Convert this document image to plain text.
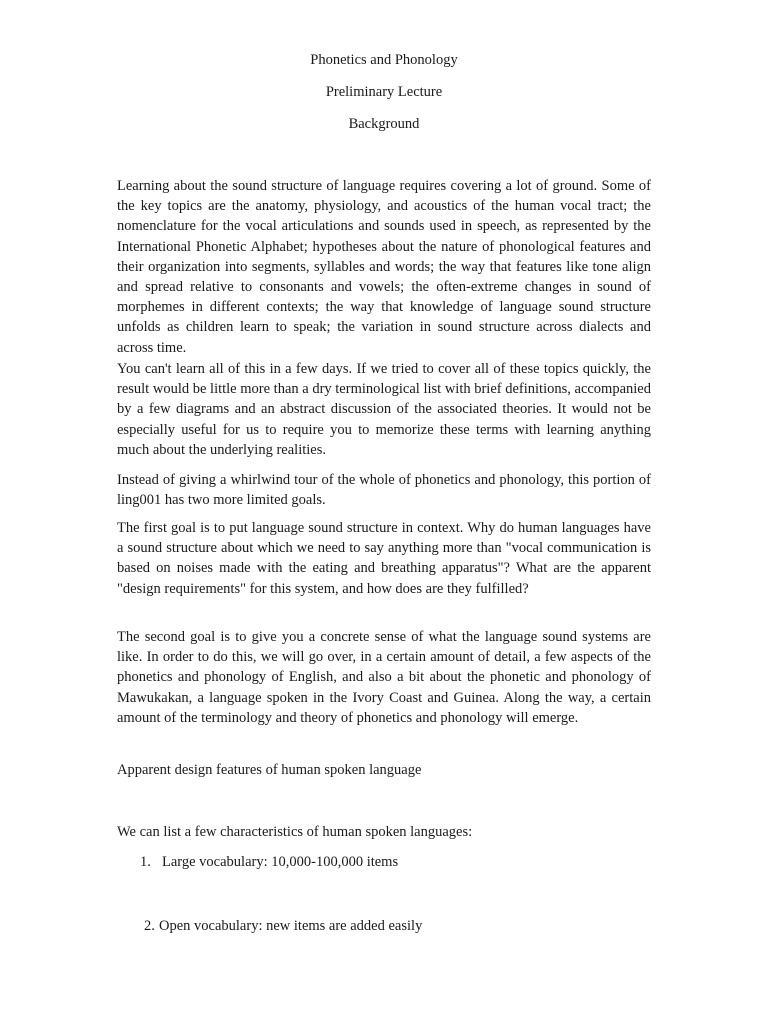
Phonetics and Phonology
Preliminary Lecture
Background

Learning about the sound structure of language requires covering a lot of ground. Some of the key topics are the anatomy, physiology, and acoustics of the human vocal tract; the nomenclature for the vocal articulations and sounds used in speech, as represented by the International Phonetic Alphabet; hypotheses about the nature of phonological features and their organization into segments, syllables and words; the way that features like tone align and spread relative to consonants and vowels; the often-extreme changes in sound of morphemes in different contexts; the way that knowledge of language sound structure unfolds as children learn to speak; the variation in sound structure across dialects and across time.

You can't learn all of this in a few days. If we tried to cover all of these topics quickly, the result would be little more than a dry terminological list with brief definitions, accompanied by a few diagrams and an abstract discussion of the associated theories. It would not be especially useful for us to require you to memorize these terms with learning anything much about the underlying realities.

Instead of giving a whirlwind tour of the whole of phonetics and phonology, this portion of ling001 has two more limited goals.

The first goal is to put language sound structure in context. Why do human languages have a sound structure about which we need to say anything more than "vocal communication is based on noises made with the eating and breathing apparatus"? What are the apparent "design requirements" for this system, and how does are they fulfilled?

The second goal is to give you a concrete sense of what the language sound systems are like. In order to do this, we will go over, in a certain amount of detail, a few aspects of the phonetics and phonology of English, and also a bit about the phonetic and phonology of Mawukakan, a language spoken in the Ivory Coast and Guinea. Along the way, a certain amount of the terminology and theory of phonetics and phonology will emerge.

Apparent design features of human spoken language
We can list a few characteristics of human spoken languages:
1. Large vocabulary: 10,000-100,000 items
2. Open vocabulary: new items are added easily
